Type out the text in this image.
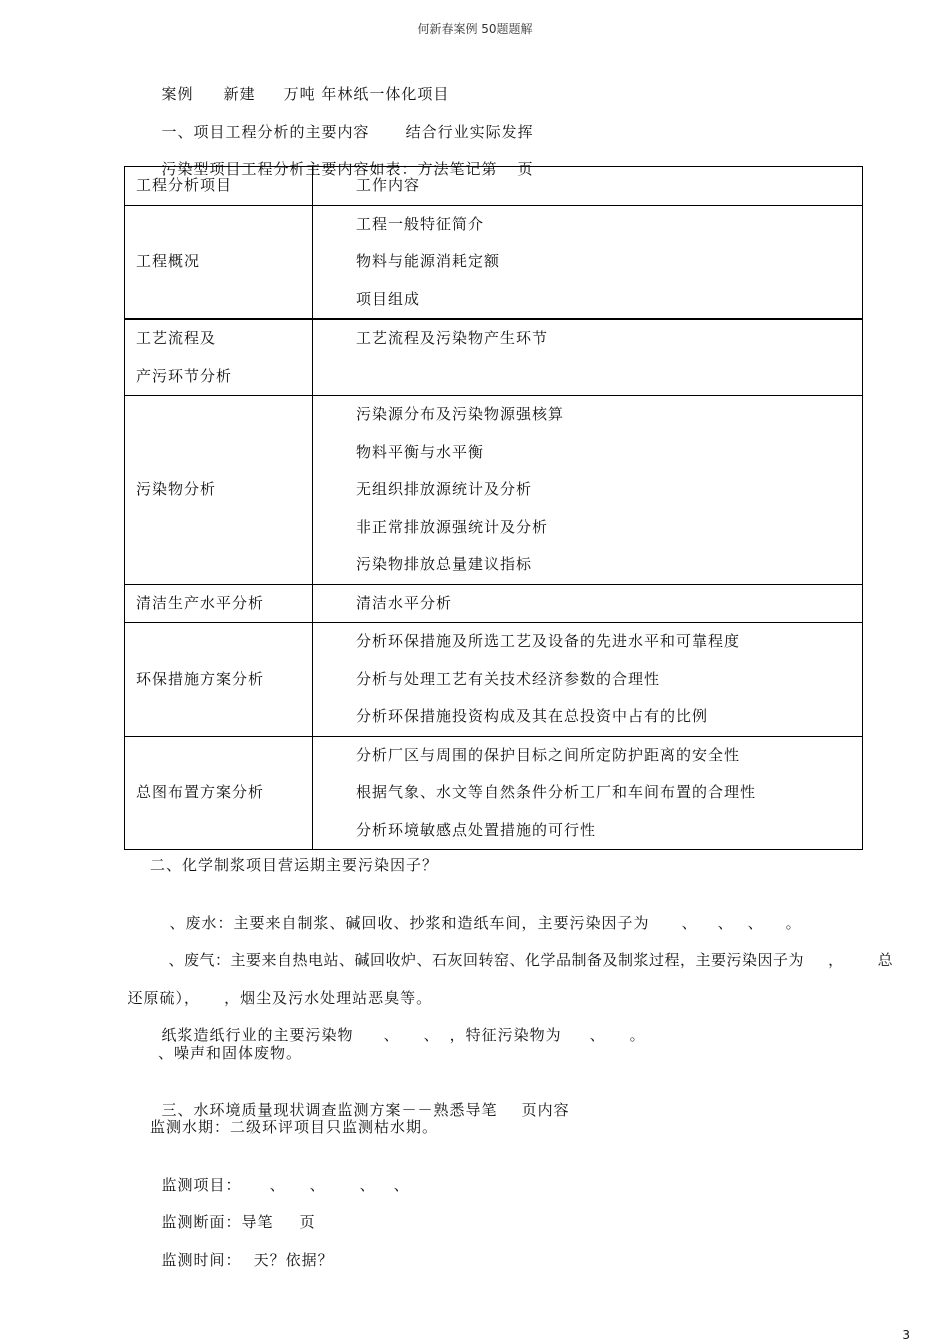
何新春案例 50题题解

案例 新建 万吨 年林纸一体化项目

一、项目工程分析的主要内容 结合行业实际发挥

污染型项目工程分析主要内容如表：方法笔记第 页

工程分析项目	工作内容

工程概况	工程一般特征简介
物料与能源消耗定额
项目组成

工艺流程及
产污环节分析	工艺流程及污染物产生环节

污染物分析	污染源分布及污染物源强核算
物料平衡与水平衡
无组织排放源统计及分析
非正常排放源强统计及分析
污染物排放总量建议指标

清洁生产水平分析	清洁水平分析

环保措施方案分析	分析环保措施及所选工艺及设备的先进水平和可靠程度
分析与处理工艺有关技术经济参数的合理性
分析环保措施投资构成及其在总投资中占有的比例

总图布置方案分析	分析厂区与周围的保护目标之间所定防护距离的安全性
根据气象、水文等自然条件分析工厂和车间布置的合理性
分析环境敏感点处置措施的可行性
二、化学制浆项目营运期主要污染因子？

、废水：主要来自制浆、碱回收、抄浆和造纸车间，主要污染因子为 、 、 、 。

、废气：主要来自热电站、碱回收炉、石灰回转窑、化学品制备及制浆过程，主要污染因子为 ， 总

还原硫）， ，烟尘及污水处理站恶臭等。

纸浆造纸行业的主要污染物 、 、 ，特征污染物为 、 。

、噪声和固体废物。

三、水环境质量现状调查监测方案－－熟悉导笔 页内容

监测水期：二级环评项目只监测枯水期。

监测项目： 、 、 、 、

监测断面：导笔 页

监测时间： 天？依据？

3
